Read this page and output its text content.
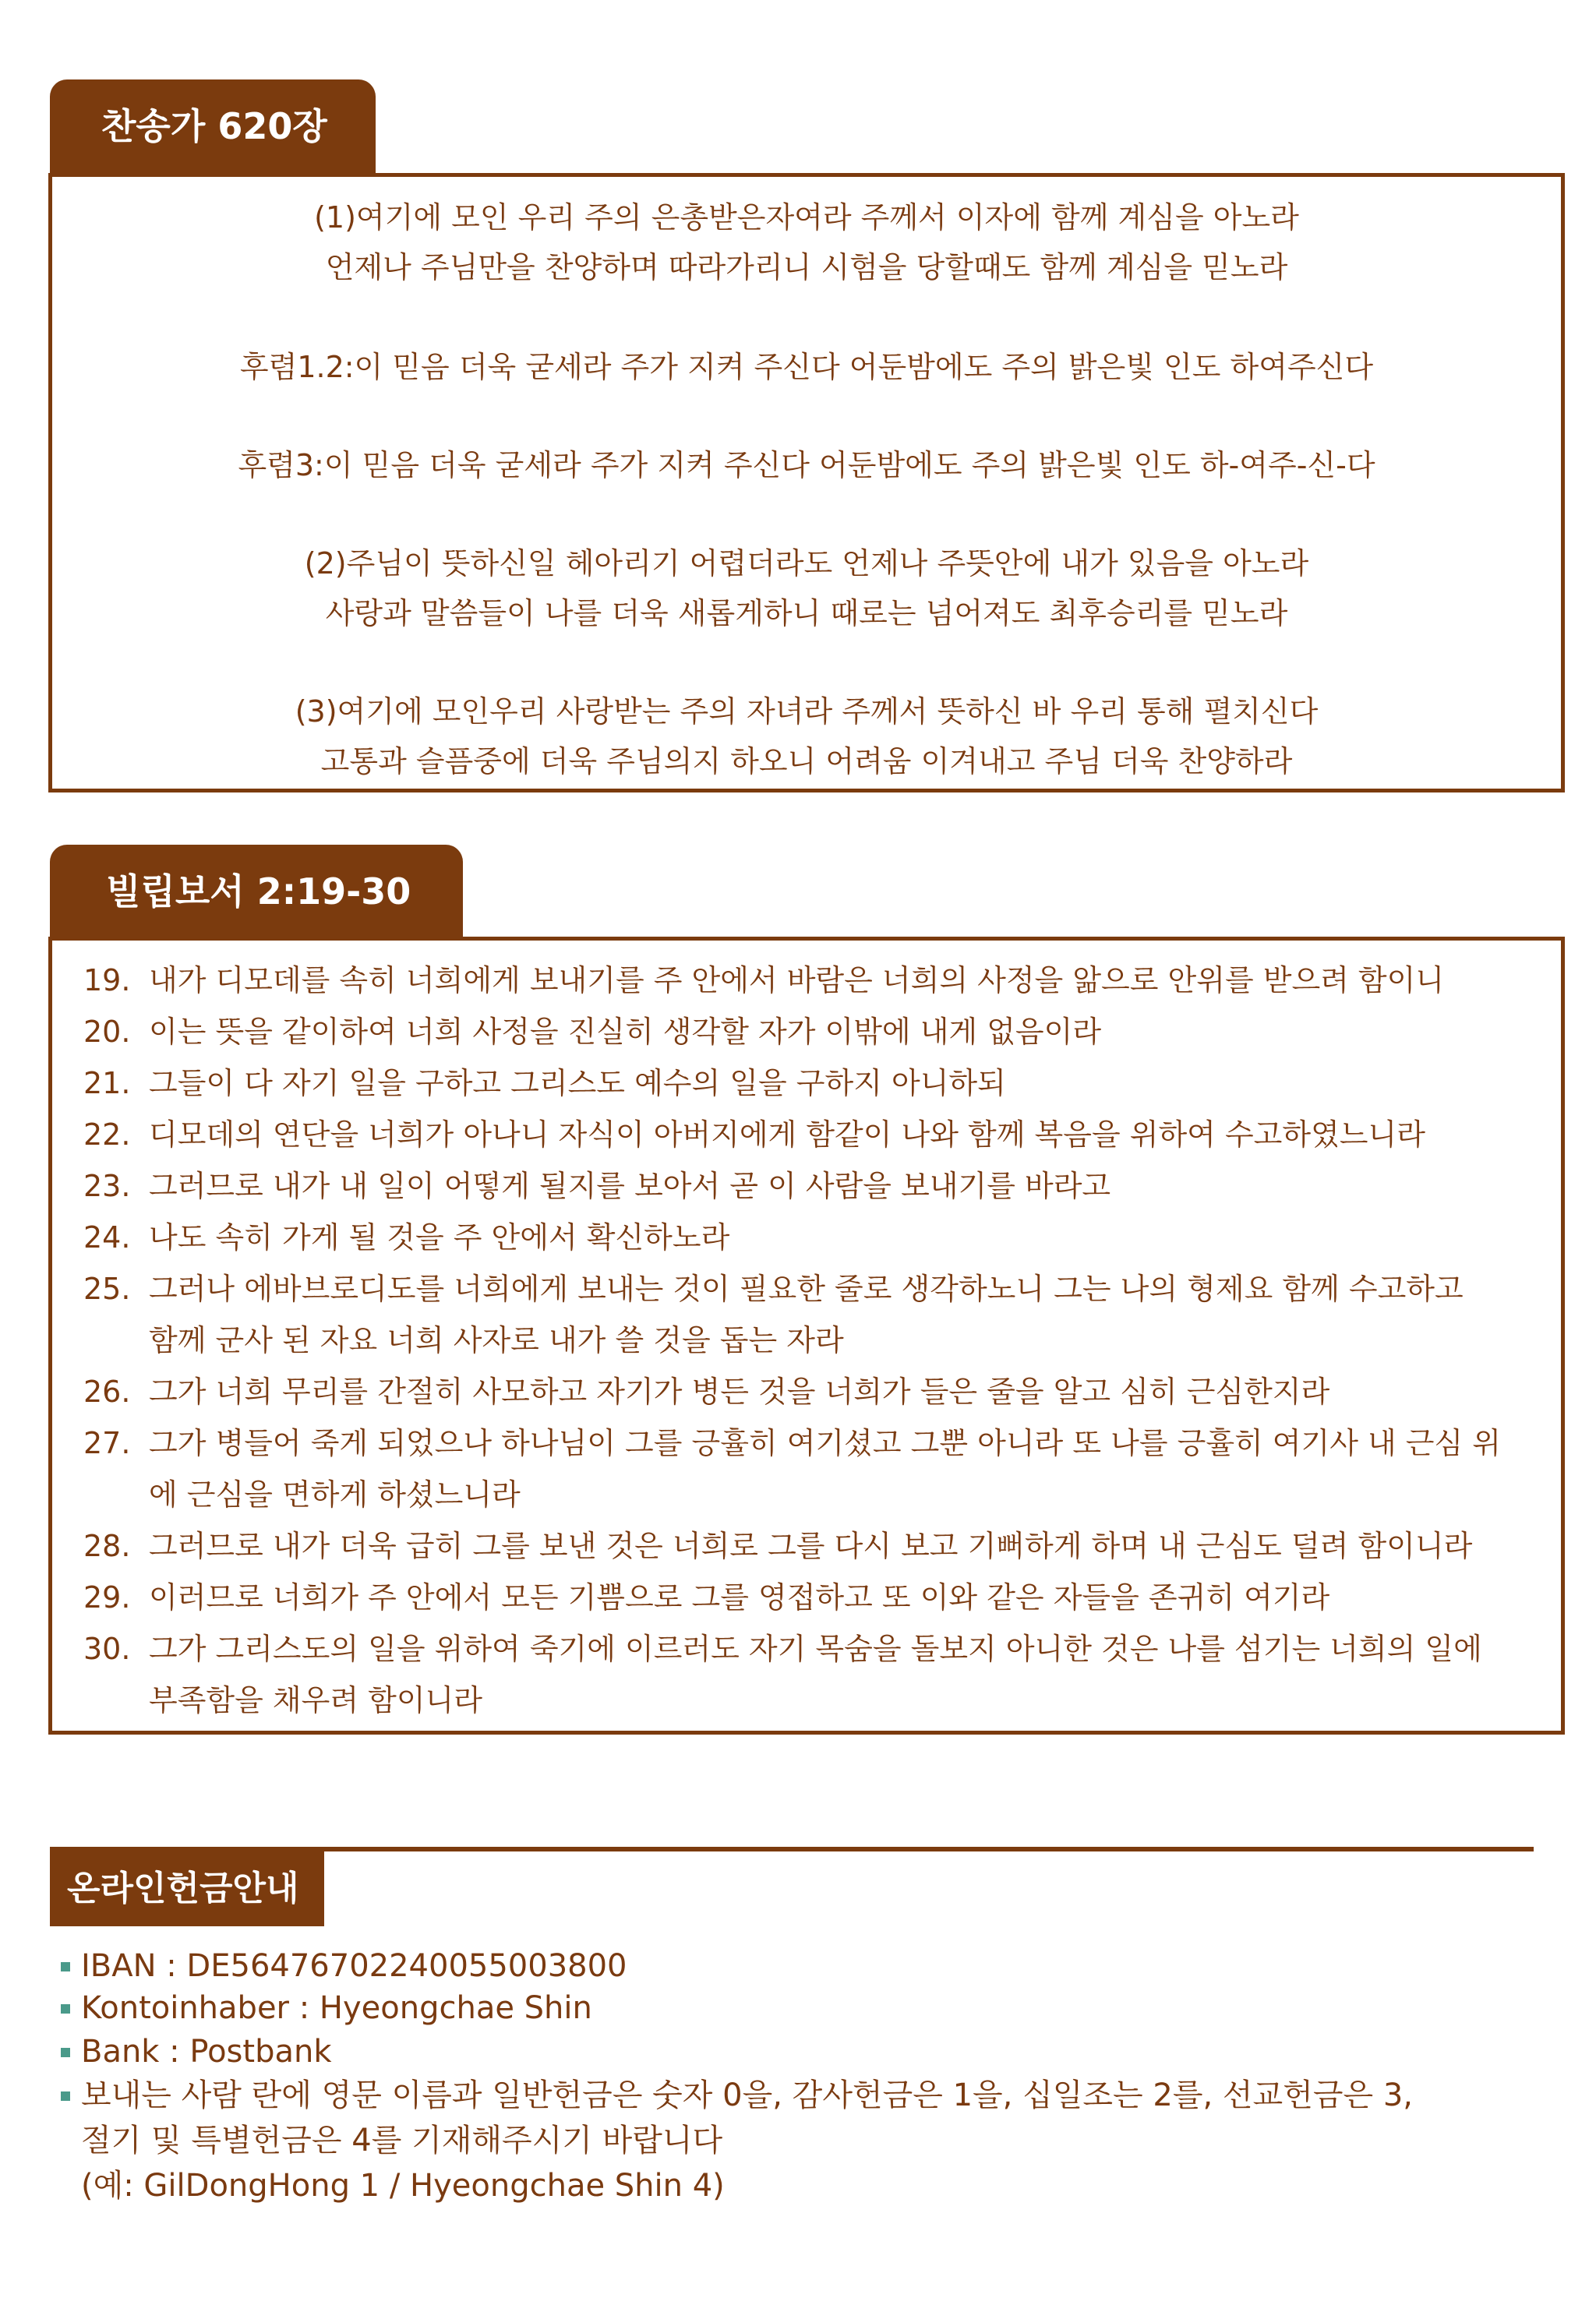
찬송가 620장
(1)여기에 모인 우리 주의 은총받은자여라 주께서 이자에 함께 계심을 아노라
언제나 주님만을 찬양하며 따라가리니 시험을 당할때도 함께 계심을 믿노라
후렴1.2:이 믿음 더욱 굳세라 주가 지켜 주신다 어둔밤에도 주의 밝은빛 인도 하여주신다
후렴3:이 믿음 더욱 굳세라 주가 지켜 주신다 어둔밤에도 주의 밝은빛 인도 하-여주-신-다
(2)주님이 뜻하신일 헤아리기 어렵더라도 언제나 주뜻안에 내가 있음을 아노라
사랑과 말씀들이 나를 더욱 새롭게하니 때로는 넘어져도 최후승리를 믿노라
(3)여기에 모인우리 사랑받는 주의 자녀라 주께서 뜻하신 바 우리 통해 펼치신다
고통과 슬픔중에 더욱 주님의지 하오니 어려움 이겨내고 주님 더욱 찬양하라
빌립보서 2:19-30
19. 내가 디모데를 속히 너희에게 보내기를 주 안에서 바람은 너희의 사정을 앎으로 안위를 받으려 함이니
20. 이는 뜻을 같이하여 너희 사정을 진실히 생각할 자가 이밖에 내게 없음이라
21. 그들이 다 자기 일을 구하고 그리스도 예수의 일을 구하지 아니하되
22. 디모데의 연단을 너희가 아나니 자식이 아버지에게 함같이 나와 함께 복음을 위하여 수고하였느니라
23. 그러므로 내가 내 일이 어떻게 될지를 보아서 곧 이 사람을 보내기를 바라고
24. 나도 속히 가게 될 것을 주 안에서 확신하노라
25. 그러나 에바브로디도를 너희에게 보내는 것이 필요한 줄로 생각하노니 그는 나의 형제요 함께 수고하고
함께 군사 된 자요 너희 사자로 내가 쓸 것을 돕는 자라
26. 그가 너희 무리를 간절히 사모하고 자기가 병든 것을 너희가 들은 줄을 알고 심히 근심한지라
27. 그가 병들어 죽게 되었으나 하나님이 그를 긍휼히 여기셨고 그뿐 아니라 또 나를 긍휼히 여기사 내 근심 위
에 근심을 면하게 하셨느니라
28. 그러므로 내가 더욱 급히 그를 보낸 것은 너희로 그를 다시 보고 기뻐하게 하며 내 근심도 덜려 함이니라
29. 이러므로 너희가 주 안에서 모든 기쁨으로 그를 영접하고 또 이와 같은 자들을 존귀히 여기라
30. 그가 그리스도의 일을 위하여 죽기에 이르러도 자기 목숨을 돌보지 아니한 것은 나를 섬기는 너희의 일에
부족함을 채우려 함이니라
온라인헌금안내
IBAN : DE56476702240055003800
Kontoinhaber : Hyeongchae Shin
Bank : Postbank
보내는 사람 란에 영문 이름과 일반헌금은 숫자 0을, 감사헌금은 1을, 십일조는 2를, 선교헌금은 3,
절기 및 특별헌금은 4를 기재해주시기 바랍니다
(예: GilDongHong 1 / Hyeongchae Shin 4)
